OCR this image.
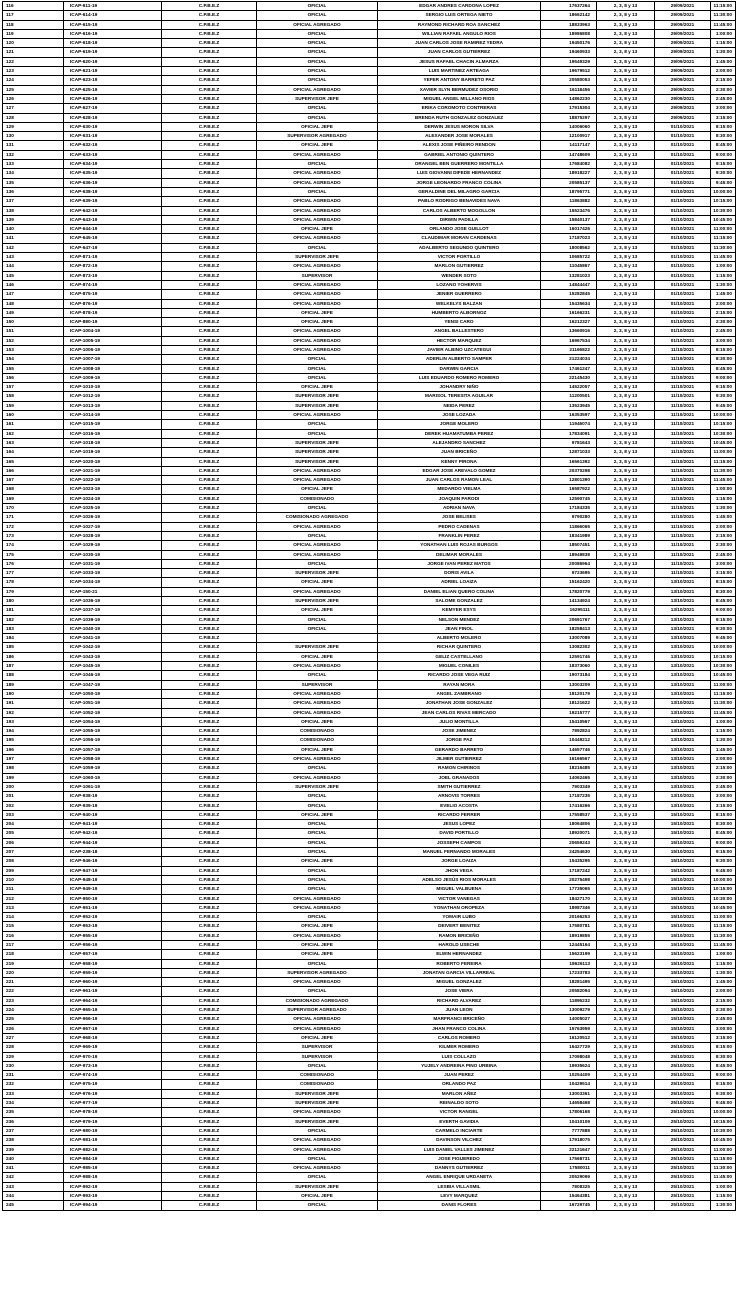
116	ICAP-611-19	C.P.B.E.Z	OFICIAL	EDGAR ANDRES CARDONA LOPEZ	17637264	2, 3, 8 y 13	29/09/2021	11:15:00
117	ICAP-614-19	C.P.B.E.Z	OFICIAL	SERGIO LUIS ORTEGA NIETO	18662142	2, 3, 8 y 13	29/09/2021	11:30:00
118	ICAP-615-19	C.P.B.E.Z	OFICIAL AGREGADO	RAYMOND RICHARD ROA SANCHEZ	18833963	2, 3, 8 y 13	29/09/2021	11:45:00
119	ICAP-616-19	C.P.B.E.Z	OFICIAL	WILLIAN RAFAEL ANGULO RIOS	18986808	2, 3, 8 y 13	29/09/2021	1:00:00
120	ICAP-618-19	C.P.B.E.Z	OFICIAL	JUAN CARLOS JOSE RAMIREZ YEDRA	19450176	2, 3, 8 y 13	29/09/2021	1:15:00
121	ICAP-619-19	C.P.B.E.Z	OFICIAL	JUAN CARLOS GUTIERREZ	19460933	2, 3, 8 y 13	29/09/2021	1:30:00
122	ICAP-620-19	C.P.B.E.Z	OFICIAL	JESUS RAFAEL CHACIN ALMARZA	19549329	2, 3, 8 y 13	29/09/2021	1:45:00
123	ICAP-621-19	C.P.B.E.Z	OFICIAL	LUIS MARTINEZ ARTEAGA	19679512	2, 3, 8 y 13	29/09/2021	2:00:00
124	ICAP-623-19	C.P.B.E.Z	OFICIAL	YEFER ANTONY BARRETO PAZ	20580053	2, 3, 8 y 13	29/09/2021	2:15:00
125	ICAP-625-19	C.P.B.E.Z	OFICIAL AGREGADO	XAVIER SLYN BERMUDEZ OSORIO	16118456	2, 3, 8 y 13	29/09/2021	2:30:00
126	ICAP-626-19	C.P.B.E.Z	SUPERVISOR JEFE	MIGUEL ANGEL MILLANO RIOS	14862230	2, 3, 8 y 13	29/09/2021	2:45:00
127	ICAP-627-19	C.P.B.E.Z	OFICIAL	ERIKA COROMOTO CONTRERAS	17915304	2, 3, 8 y 13	29/09/2021	3:00:00
128	ICAP-628-19	C.P.B.E.Z	OFICIAL	BRENDA RUTH GONZALEZ GONZALEZ	18875297	2, 3, 8 y 13	29/09/2021	3:15:00
129	ICAP-630-19	C.P.B.E.Z	OFICIAL JEFE	DERWIN JESUS MORON SILVA	14006060	2, 3, 8 y 13	01/10/2021	8:15:00
130	ICAP-631-19	C.P.B.E.Z	SUPERVISOR AGREGADO	ALEXANDER JOSE MORALES	12100917	2, 3, 8 y 13	01/10/2021	8:30:00
131	ICAP-632-19	C.P.B.E.Z	OFICIAL JEFE	ALEXIS JOSE PIÑEIRO RENDON	14117147	2, 3, 8 y 13	01/10/2021	8:45:00
132	ICAP-633-19	C.P.B.E.Z	OFICIAL AGREGADO	GABRIEL ANTONIO QUINTERO	14748609	2, 3, 8 y 13	01/10/2021	9:00:00
133	ICAP-634-19	C.P.B.E.Z	OFICIAL	ORANGEL BEN GUERRERO MONTILLA	17684082	2, 3, 8 y 13	01/10/2021	9:15:00
134	ICAP-635-19	C.P.B.E.Z	OFICIAL AGREGADO	LUIS GIOVANNI DIFEDE HERNANDEZ	18918227	2, 3, 8 y 13	01/10/2021	9:30:00
135	ICAP-636-19	C.P.B.E.Z	OFICIAL AGREGADO	JORGE LEONARDO FRANCO COLINA	20585137	2, 3, 8 y 13	01/10/2021	9:45:00
136	ICAP-638-19	C.P.B.E.Z	OFICIAL	GERALDINE DEL MILAGRO GARCIA	18795771	2, 3, 8 y 13	01/10/2021	10:00:00
137	ICAP-639-19	C.P.B.E.Z	OFICIAL AGREGADO	PABLO RODRIGO BENAVIDES NAVA	11863882	2, 3, 8 y 13	01/10/2021	10:15:00
138	ICAP-642-19	C.P.B.E.Z	OFICIAL AGREGADO	CARLOS ALBERTO MOGOLLON	15523476	2, 3, 8 y 13	01/10/2021	10:30:00
139	ICAP-643-19	C.P.B.E.Z	OFICIAL AGREGADO	DIRWIN PADILLA	15840137	2, 3, 8 y 13	01/10/2021	10:45:00
140	ICAP-644-19	C.P.B.E.Z	OFICIAL JEFE	ORLANDO JOSE GUILLOT	16017426	2, 3, 8 y 13	01/10/2021	11:00:00
141	ICAP-645-19	C.P.B.E.Z	OFICIAL AGREGADO	CLAUDIMAR MORAN CARDENAS	17187023	2, 3, 8 y 13	01/10/2021	11:15:00
142	ICAP-647-19	C.P.B.E.Z	OFICIAL	ADALBERTO SEGUNDO QUINTERO	18008562	2, 3, 8 y 13	01/10/2021	11:30:00
143	ICAP-871-19	C.P.B.E.Z	SUPERVISOR JEFE	VICTOR PORTILLO	10685722	2, 3, 8 y 13	01/10/2021	11:45:00
144	ICAP-872-19	C.P.B.E.Z	OFICIAL AGREGADO	MARLON GUTIERREZ	11045867	2, 3, 8 y 13	01/10/2021	1:00:00
145	ICAP-873-19	C.P.B.E.Z	SUPERVISOR	WENDER SOTO	13281023	2, 3, 8 y 13	01/10/2021	1:15:00
146	ICAP-874-19	C.P.B.E.Z	OFICIAL AGREGADO	LOZANO YOHERVIS	14844447	2, 3, 8 y 13	01/10/2021	1:30:00
147	ICAP-875-19	C.P.B.E.Z	OFICIAL AGREGADO	JENIER GUERRERO	15282845	2, 3, 8 y 13	01/10/2021	1:45:00
148	ICAP-876-19	C.P.B.E.Z	OFICIAL AGREGADO	WELKELYS BALZAN	15435634	2, 3, 8 y 13	01/10/2021	2:00:00
149	ICAP-878-19	C.P.B.E.Z	OFICIAL JEFE	HUMBERTO ALBORNOZ	16166231	2, 3, 8 y 13	01/10/2021	2:15:00
150	ICAP-880-19	C.P.B.E.Z	OFICIAL JEFE	YENSI CARO	16212327	2, 3, 8 y 13	01/10/2021	2:30:00
151	ICAP-1004-19	C.P.B.E.Z	OFICIAL AGREGADO	ANGEL BALLESTERO	13660916	2, 3, 8 y 13	01/10/2021	2:45:00
152	ICAP-1005-19	C.P.B.E.Z	OFICIAL AGREGADO	HECTOR MARQUEZ	16967534	2, 3, 8 y 13	01/10/2021	3:00:00
153	ICAP-1006-19	C.P.B.E.Z	OFICIAL AGREGADO	JAVIER ALBINO UZCATEGUI	21166822	2, 3, 8 y 13	11/10/2021	8:15:00
154	ICAP-1007-19	C.P.B.E.Z	OFICIAL	ADERLIN ALBERTO SAMPER	21224034	2, 3, 8 y 13	11/10/2021	8:30:00
155	ICAP-1008-19	C.P.B.E.Z	OFICIAL	DARWIN GARCIA	17461247	2, 3, 8 y 13	11/10/2021	8:45:00
156	ICAP-1009-19	C.P.B.E.Z	OFICIAL	LUIS EDUARDO ROMERO ROMERO	22145430	2, 3, 8 y 13	11/10/2021	9:00:00
157	ICAP-1010-19	C.P.B.E.Z	OFICIAL JEFE	JOHANDRY NIÑO	14522057	2, 3, 8 y 13	11/10/2021	9:15:00
158	ICAP-1012-19	C.P.B.E.Z	SUPERVISOR JEFE	MARISOL TERESITA AGUILAR	11200501	2, 3, 8 y 13	11/10/2021	9:30:00
159	ICAP-1013-19	C.P.B.E.Z	SUPERVISOR JEFE	NEIDA PEREZ	13523945	2, 3, 8 y 13	11/10/2021	9:45:00
160	ICAP-1014-19	C.P.B.E.Z	OFICIAL AGREGADO	JOSE LOZADA	16353597	2, 3, 8 y 13	11/10/2021	10:00:00
161	ICAP-1015-19	C.P.B.E.Z	OFICIAL	JORGE MOLERO	11946074	2, 3, 8 y 13	11/10/2021	10:15:00
162	ICAP-1016-19	C.P.B.E.Z	OFICIAL	DEREK HUAMATUMBA PEREZ	17834091	2, 3, 8 y 13	11/10/2021	10:30:00
163	ICAP-1018-19	C.P.B.E.Z	SUPERVISOR JEFE	ALEJANDRO SANCHEZ	9781643	2, 3, 8 y 13	11/10/2021	10:45:00
164	ICAP-1019-19	C.P.B.E.Z	SUPERVISOR JEFE	JUAN BRICEÑO	12871033	2, 3, 8 y 13	11/10/2021	11:00:00
165	ICAP-1020-19	C.P.B.E.Z	SUPERVISOR JEFE	KENNY PIRONA	16561392	2, 3, 8 y 13	11/10/2021	11:15:00
166	ICAP-1021-19	C.P.B.E.Z	OFICIAL AGREGADO	EDGAR JOSE AREVALO GOMEZ	20370298	2, 3, 8 y 13	11/10/2021	11:30:00
167	ICAP-1022-19	C.P.B.E.Z	OFICIAL AGREGADO	JUAN CARLOS RAMON LEAL	12801390	2, 3, 8 y 13	11/10/2021	11:45:00
168	ICAP-1023-19	C.P.B.E.Z	OFICIAL JEFE	MEDARDO VIELMA	16587922	2, 3, 8 y 13	11/10/2021	1:00:00
169	ICAP-1024-19	C.P.B.E.Z	COMISIONADO	JOAQUIN PARODI	12590745	2, 3, 8 y 13	11/10/2021	1:15:00
170	ICAP-1025-19	C.P.B.E.Z	OFICIAL	ADRIAN NAVA	17184335	2, 3, 8 y 13	11/10/2021	1:30:00
171	ICAP-1026-19	C.P.B.E.Z	COMISIONADO AGREGADO	JOSE BELISES	9790280	2, 3, 8 y 13	11/10/2021	1:45:00
172	ICAP-1027-19	C.P.B.E.Z	OFICIAL AGREGADO	PEDRO CADENAS	11866065	2, 3, 8 y 13	11/10/2021	2:00:00
173	ICAP-1028-19	C.P.B.E.Z	OFICIAL	FRANKLIN PEREZ	18341989	2, 3, 8 y 13	11/10/2021	2:15:00
174	ICAP-1029-19	C.P.B.E.Z	OFICIAL AGREGADO	YONATHAN LUIS ROJAS BURGOS	18507451	2, 3, 8 y 13	11/10/2021	2:30:00
175	ICAP-1030-19	C.P.B.E.Z	OFICIAL AGREGADO	DELIMAR MORALES	18949838	2, 3, 8 y 13	11/10/2021	2:45:00
176	ICAP-1031-19	C.P.B.E.Z	OFICIAL	JORGE IVAN PEREZ MATOS	20086964	2, 3, 8 y 13	11/10/2021	3:00:00
177	ICAP-1033-19	C.P.B.E.Z	SUPERVISOR JEFE	DORIS AVILA	9723695	2, 3, 8 y 13	11/10/2021	3:15:00
178	ICAP-1034-19	C.P.B.E.Z	OFICIAL JEFE	ADRIEL LOAIZA	15162420	2, 3, 8 y 13	13/10/2021	8:15:00
179	ICAP-150-21	C.P.B.E.Z	OFICIAL AGREGADO	DANIEL ELIAN QUERO COLINA	17820779	2, 3, 8 y 13	13/10/2021	8:30:00
180	ICAP-1036-19	C.P.B.E.Z	SUPERVISOR JEFE	SALOME GONZALEZ	14134924	2, 3, 8 y 13	13/10/2021	8:45:00
181	ICAP-1037-19	C.P.B.E.Z	OFICIAL JEFE	KEMYER ESYS	16295111	2, 3, 8 y 13	13/10/2021	9:00:00
182	ICAP-1039-19	C.P.B.E.Z	OFICIAL	NELSON MENDEZ	20691767	2, 3, 8 y 13	13/10/2021	9:15:00
183	ICAP-1040-19	C.P.B.E.Z	OFICIAL	JEAN FINOL	18258413	2, 3, 8 y 13	13/10/2021	9:30:00
184	ICAP-1041-19	C.P.B.E.Z		ALBERTO MOLERO	13007089	2, 3, 8 y 13	13/10/2021	9:45:00
185	ICAP-1042-19	C.P.B.E.Z	SUPERVISOR JEFE	RICHAR QUINTERO	13082302	2, 3, 8 y 13	13/10/2021	10:00:00
186	ICAP-1043-19	C.P.B.E.Z	OFICIAL JEFE	GELIZ CASTELLANO	12591746	2, 3, 8 y 13	13/10/2021	10:15:00
187	ICAP-1045-19	C.P.B.E.Z	OFICIAL AGREGADO	MIGUEL CONILES	18373060	2, 3, 8 y 13	13/10/2021	10:30:00
188	ICAP-1046-19	C.P.B.E.Z	OFICIAL	RICARDO JOSE VEGA RUIZ	19073184	2, 3, 8 y 13	13/10/2021	10:45:00
189	ICAP-1047-19	C.P.B.E.Z	SUPERVISOR	RAYAN MORA	13003209	2, 3, 8 y 13	13/10/2021	11:00:00
190	ICAP-1050-19	C.P.B.E.Z	OFICIAL AGREGADO	ANGEL ZAMBRANO	18120179	2, 3, 8 y 13	13/10/2021	11:15:00
191	ICAP-1051-19	C.P.B.E.Z	OFICIAL AGREGADO	JONATHAN JOSE GONZALEZ	18121622	2, 3, 8 y 13	13/10/2021	11:30:00
192	ICAP-1052-19	C.P.B.E.Z	OFICIAL AGREGADO	JEAN CARLOS RIVAS MERCADO	19215777	2, 3, 8 y 13	13/10/2021	11:45:00
193	ICAP-1054-19	C.P.B.E.Z	OFICIAL JEFE	JULIO MONTILLA	15410567	2, 3, 8 y 13	13/10/2021	1:00:00
194	ICAP-1055-19	C.P.B.E.Z	COMISIONADO	JOSE JIMENEZ	7892824	2, 3, 8 y 13	13/10/2021	1:15:00
195	ICAP-1056-19	C.P.B.E.Z	COMISIONADO	JORGE PAZ	10449212	2, 3, 8 y 13	13/10/2021	1:30:00
196	ICAP-1057-19	C.P.B.E.Z	OFICIAL JEFE	GERARDO BARRETO	14657746	2, 3, 8 y 13	13/10/2021	1:45:00
197	ICAP-1058-19	C.P.B.E.Z	OFICIAL AGREGADO	JILMER GUTIERREZ	16166567	2, 3, 8 y 13	13/10/2021	2:00:00
198	ICAP-1059-19	C.P.B.E.Z	OFICIAL	RAMON CHIRINOS	18216485	2, 3, 8 y 13	13/10/2021	2:15:00
199	ICAP-1060-19	C.P.B.E.Z	OFICIAL AGREGADO	JOEL GRANADOS	14062465	2, 3, 8 y 13	13/10/2021	2:30:00
200	ICAP-1061-19	C.P.B.E.Z	SUPERVISOR JEFE	SMITH GUTIERREZ	7903349	2, 3, 8 y 13	13/10/2021	2:45:00
201	ICAP-938-19	C.P.B.E.Z	OFICIAL	ARNOVIS TORRES	17187235	2, 3, 8 y 13	13/10/2021	3:00:00
202	ICAP-939-19	C.P.B.E.Z	OFICIAL	EVELIO ACOSTA	17416266	2, 3, 8 y 13	13/10/2021	3:15:00
203	ICAP-940-19	C.P.B.E.Z	OFICIAL JEFE	RICARDO FERRER	17558537	2, 3, 8 y 13	15/10/2021	8:15:00
204	ICAP-941-19	C.P.B.E.Z	OFICIAL	JESUS LOPEZ	18064806	2, 3, 8 y 13	15/10/2021	8:30:00
205	ICAP-942-19	C.P.B.E.Z	OFICIAL	DAVID PORTILLO	18920071	2, 3, 8 y 13	15/10/2021	8:45:00
206	ICAP-944-19	C.P.B.E.Z	OFICIAL	JOSSEPH CAMPOS	20659243	2, 3, 8 y 13	15/10/2021	9:00:00
207	ICAP-238-18	C.P.B.E.Z	OFICIAL	MANUEL FERNANDO MORALES	24254630	2, 3, 8 y 13	15/10/2021	9:15:00
208	ICAP-946-19	C.P.B.E.Z	OFICIAL JEFE	JORGE LOAIZA	15435295	2, 3, 8 y 13	15/10/2021	9:30:00
209	ICAP-947-19	C.P.B.E.Z	OFICIAL	JHON VEGA	17187242	2, 3, 8 y 13	15/10/2021	9:45:00
210	ICAP-948-19	C.P.B.E.Z	OFICIAL	ADELSO JESÚS RIOS MORALES	20275498	2, 3, 8 y 13	15/10/2021	10:00:00
211	ICAP-949-19	C.P.B.E.Z	OFICIAL	MIGUEL VALBUENA	17735065	2, 3, 8 y 13	15/10/2021	10:15:00
212	ICAP-950-19	C.P.B.E.Z	OFICIAL AGREGADO	VICTOR VANEGAS	18427170	2, 3, 8 y 13	15/10/2021	10:30:00
213	ICAP-951-19	C.P.B.E.Z	OFICIAL AGREGADO	YONATHAN OROPEZA	18987346	2, 3, 8 y 13	15/10/2021	10:45:00
214	ICAP-952-19	C.P.B.E.Z	OFICIAL	YOMAIR LUBO	20166253	2, 3, 8 y 13	15/10/2021	11:00:00
215	ICAP-953-19	C.P.B.E.Z	OFICIAL JEFE	DEIVERT BENITEZ	17580781	2, 3, 8 y 13	15/10/2021	11:15:00
216	ICAP-955-19	C.P.B.E.Z	OFICIAL AGREGADO	RAMON BRICEÑO	18919855	2, 3, 8 y 13	15/10/2021	11:30:00
217	ICAP-956-19	C.P.B.E.Z	OFICIAL JEFE	HAROLD USECHE	12445164	2, 3, 8 y 13	15/10/2021	11:45:00
218	ICAP-957-19	C.P.B.E.Z	OFICIAL JEFE	ELWIN HERNANDEZ	15623199	2, 3, 8 y 13	15/10/2021	1:00:00
219	ICAP-958-19	C.P.B.E.Z	OFICIAL	ROBERTO FEREIRA	18626113	2, 3, 8 y 13	15/10/2021	1:15:00
220	ICAP-959-19	C.P.B.E.Z	SUPERVISOR AGREGADO	JONATAN GARCIA VILLARREAL	17233783	2, 3, 8 y 13	15/10/2021	1:30:00
221	ICAP-960-19	C.P.B.E.Z	OFICIAL AGREGADO	MIGUEL GONZALEZ	18281495	2, 3, 8 y 13	15/10/2021	1:45:00
222	ICAP-961-19	C.P.B.E.Z	OFICIAL	JOSE VIERA	20582094	2, 3, 8 y 13	15/10/2021	2:00:00
223	ICAP-964-19	C.P.B.E.Z	COMISIONADO AGREGADO	RICHARD ALVAREZ	11895232	2, 3, 8 y 13	15/10/2021	2:15:00
224	ICAP-965-19	C.P.B.E.Z	SUPERVISOR AGREGADO	JUAN LEON	13009279	2, 3, 8 y 13	15/10/2021	2:30:00
225	ICAP-966-19	C.P.B.E.Z	OFICIAL AGREGADO	MARFRANCI BRICEÑO	14005027	2, 3, 8 y 13	15/10/2021	2:45:00
226	ICAP-967-19	C.P.B.E.Z	OFICIAL AGREGADO	JHAN FRANCO COLINA	15763959	2, 3, 8 y 13	15/10/2021	3:00:00
227	ICAP-968-19	C.P.B.E.Z	OFICIAL JEFE	CARLOS ROMERO	16120512	2, 3, 8 y 13	15/10/2021	3:15:00
228	ICAP-969-19	C.P.B.E.Z	SUPERVISOR	KILMER ROMERO	16427729	2, 3, 8 y 13	25/10/2021	8:15:00
229	ICAP-970-19	C.P.B.E.Z	SUPERVISOR	LUIS COLLAZO	17098048	2, 3, 8 y 13	25/10/2021	8:30:00
230	ICAP-973-19	C.P.B.E.Z	OFICIAL	YUJELY ANDREINA PINO URBINA	19935624	2, 3, 8 y 13	25/10/2021	8:45:00
231	ICAP-974-19	C.P.B.E.Z	COMISIONADO	JUAN PEREZ	10254409	2, 3, 8 y 13	25/10/2021	9:00:00
232	ICAP-975-19	C.P.B.E.Z	COMISIONADO	ORLANDO PAZ	10429514	2, 3, 8 y 13	25/10/2021	9:15:00
233	ICAP-976-19	C.P.B.E.Z	SUPERVISOR JEFE	MARLON AÑEZ	13003361	2, 3, 8 y 13	25/10/2021	9:30:00
234	ICAP-977-19	C.P.B.E.Z	SUPERVISOR JEFE	REINALDO SOTO	14658468	2, 3, 8 y 13	25/10/2021	9:45:00
235	ICAP-978-19	C.P.B.E.Z	OFICIAL AGREGADO	VICTOR RANGEL	17806168	2, 3, 8 y 13	25/10/2021	10:00:00
236	ICAP-979-19	C.P.B.E.Z	SUPERVISOR JEFE	EVERTH GAVIDIA	10410109	2, 3, 8 y 13	25/10/2021	10:15:00
237	ICAP-980-19	C.P.B.E.Z	OFICIAL	CARMELO INCIARTE	7777888	2, 3, 8 y 13	25/10/2021	10:30:00
238	ICAP-981-19	C.P.B.E.Z	OFICIAL AGREGADO	DAVINSON VILCHEZ	17918075	2, 3, 8 y 13	25/10/2021	10:45:00
239	ICAP-982-19	C.P.B.E.Z	OFICIAL AGREGADO	LUIS DANIEL VALLES JIMENEZ	22121647	2, 3, 8 y 13	25/10/2021	11:00:00
240	ICAP-984-19	C.P.B.E.Z	OFICIAL	JOSE FIGUEREDO	17568731	2, 3, 8 y 13	25/10/2021	11:15:00
241	ICAP-985-19	C.P.B.E.Z	OFICIAL AGREGADO	DANNYS GUTIERREZ	17580011	2, 3, 8 y 13	25/10/2021	11:30:00
242	ICAP-988-19	C.P.B.E.Z	OFICIAL	ANGEL ENRIQUE URDANETA	20529099	2, 3, 8 y 13	25/10/2021	11:45:00
243	ICAP-992-19	C.P.B.E.Z	SUPERVISOR JEFE	LESBIA VILLASMIL	7808325	2, 3, 8 y 13	25/10/2021	1:00:00
244	ICAP-993-19	C.P.B.E.Z	OFICIAL JEFE	LEVY MARQUEZ	15464381	2, 3, 8 y 13	25/10/2021	1:15:00
245	ICAP-994-19	C.P.B.E.Z	OFICIAL	DANIS FLORES	16729745	2, 3, 8 y 13	25/10/2021	1:30:00
